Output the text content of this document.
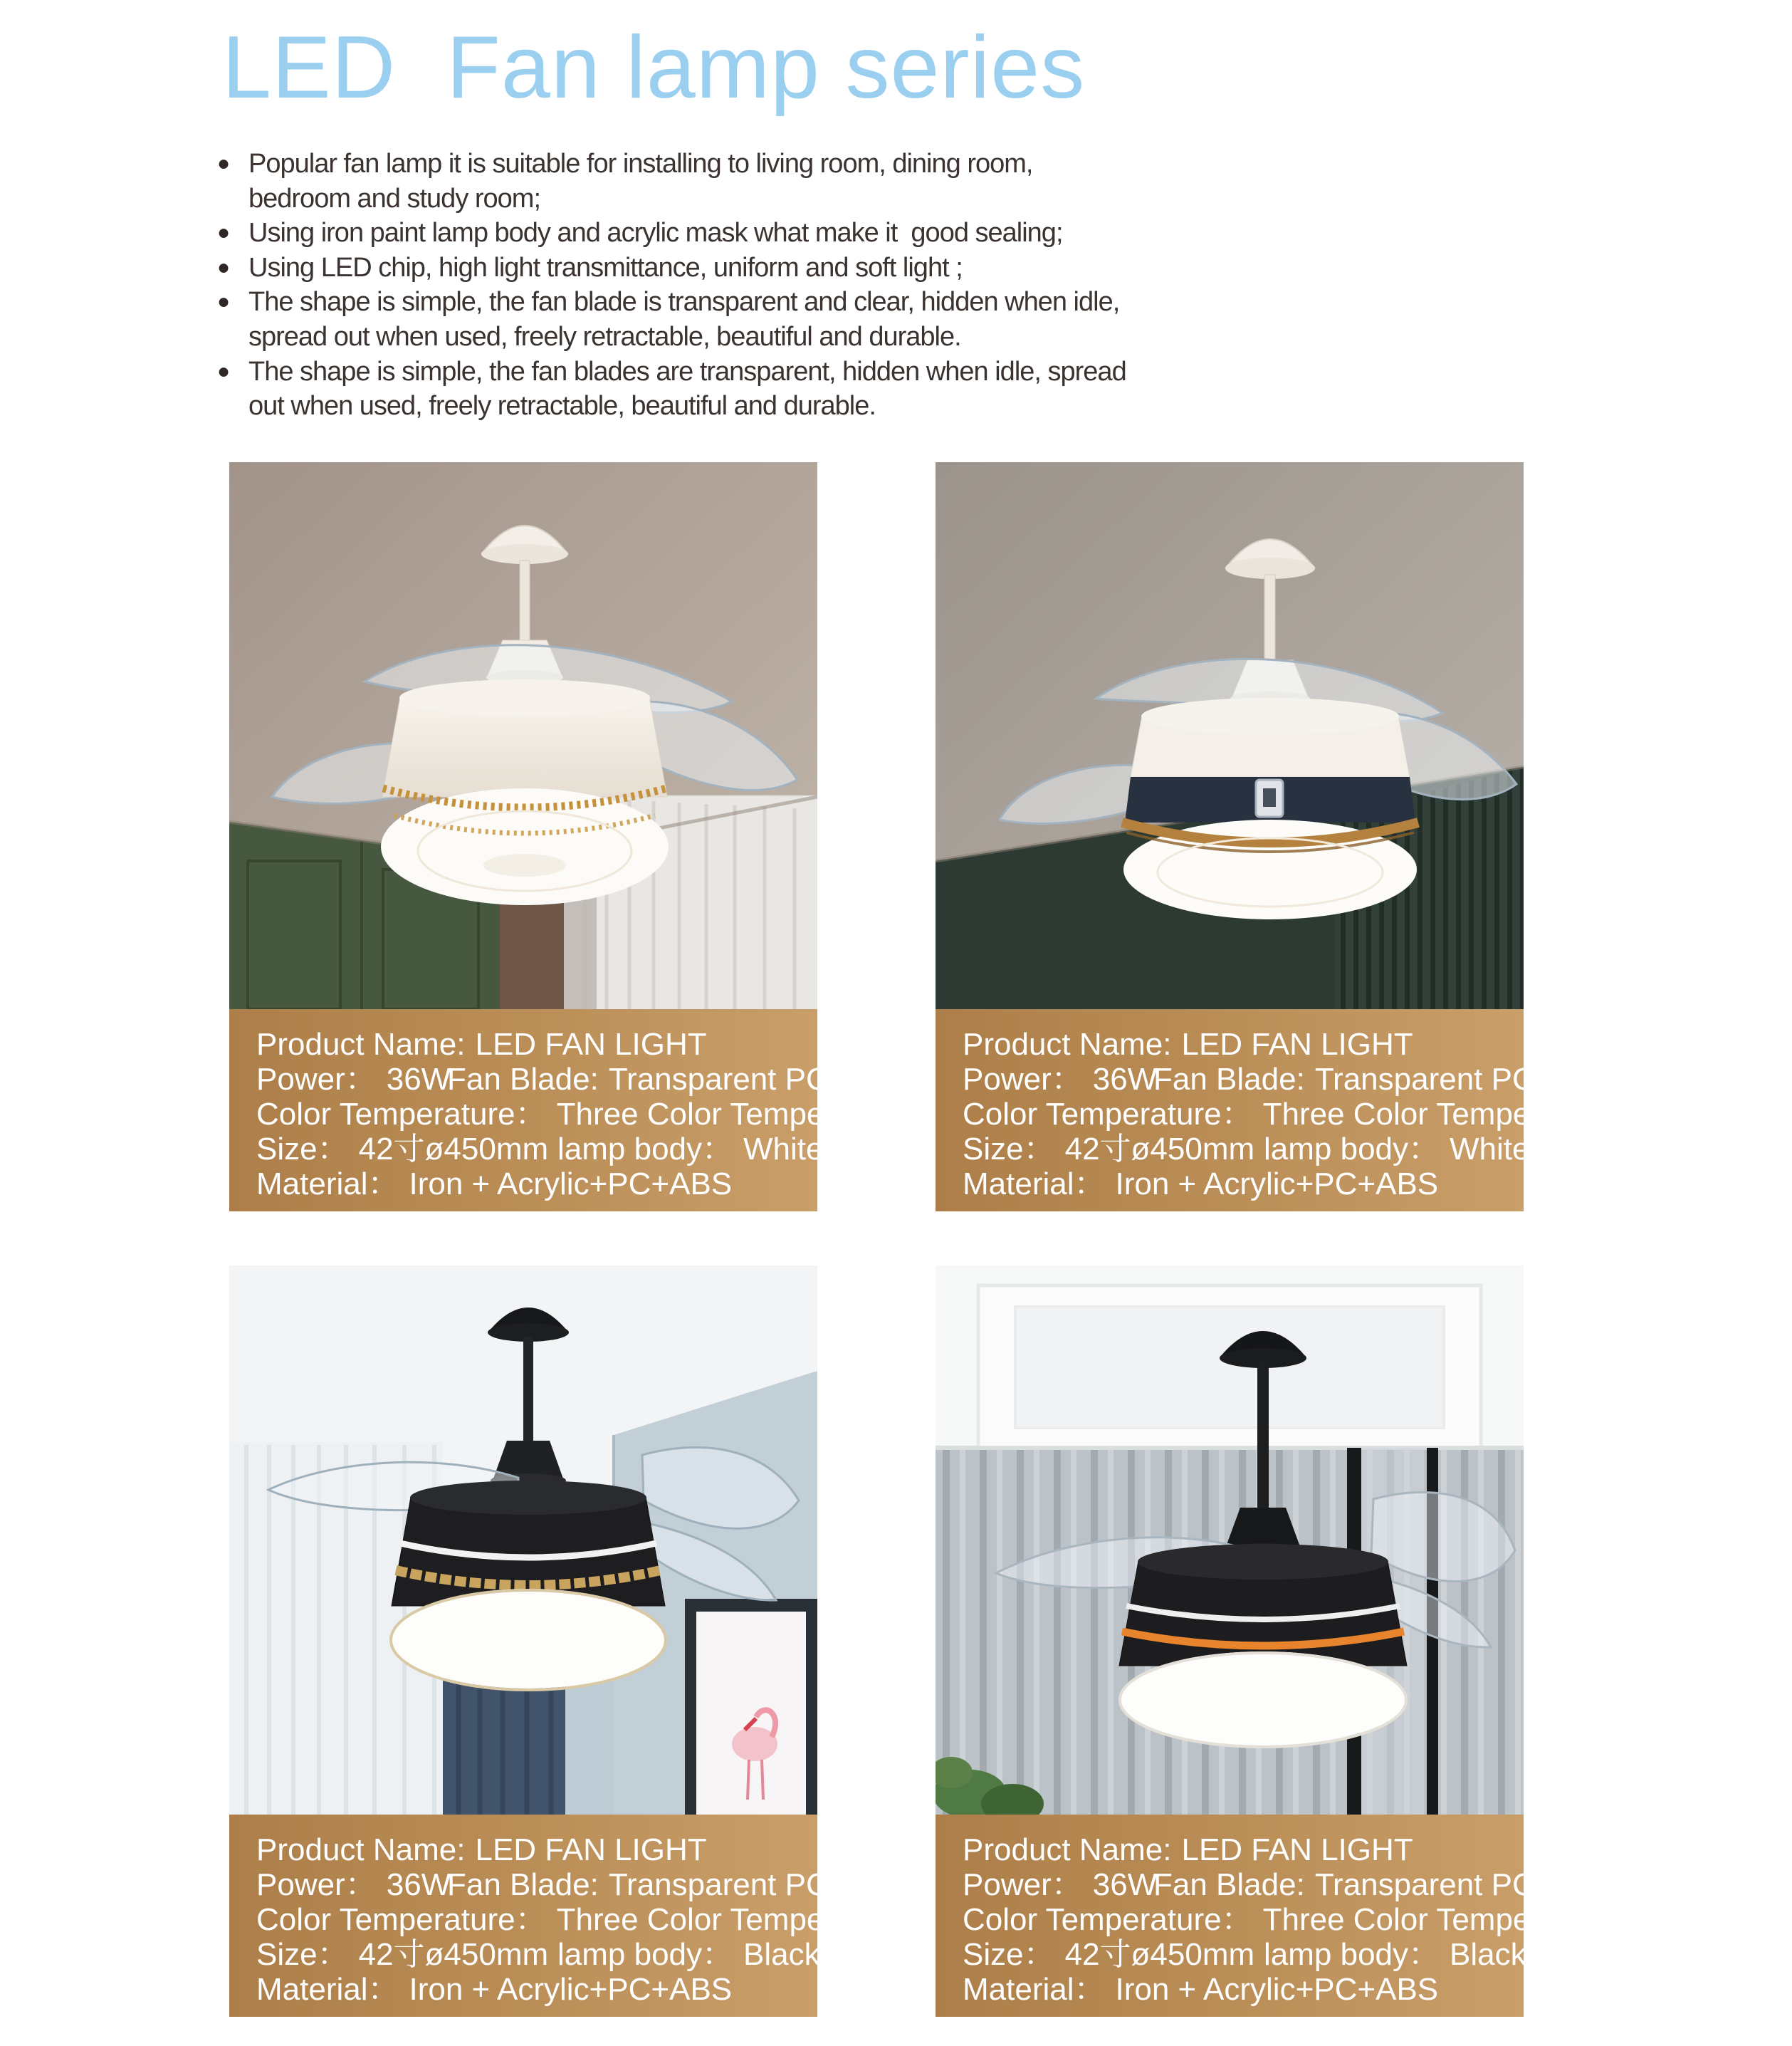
LED  Fan lamp series
● Popular fan lamp it is suitable for installing to living room, dining room,
bedroom and study room;
● Using iron paint lamp body and acrylic mask what make it  good sealing;
● Using LED chip, high light transmittance, uniform and soft light ;
● The shape is simple, the fan blade is transparent and clear, hidden when idle,
spread out when used, freely retractable, beautiful and durable.
● The shape is simple, the fan blades are transparent, hidden when idle, spread
out when used, freely retractable, beautiful and durable.
Product Name: LED FAN LIGHT
Power： 36W
Fan Blade: Transparent PC *4
Color Temperature： Three Color Temperature
Size： 42寸ø450mm lamp body： White
Material： Iron + Acrylic+PC+ABS
Product Name: LED FAN LIGHT
Power： 36W
Fan Blade: Transparent PC *4
Color Temperature： Three Color Temperature
Size： 42寸ø450mm lamp body： White
Material： Iron + Acrylic+PC+ABS
Product Name: LED FAN LIGHT
Power： 36W
Fan Blade: Transparent PC *4
Color Temperature： Three Color Temperature
Size： 42寸ø450mm lamp body： Black
Material： Iron + Acrylic+PC+ABS
Product Name: LED FAN LIGHT
Power： 36W
Fan Blade: Transparent PC *4
Color Temperature： Three Color Temperature
Size： 42寸ø450mm lamp body： Black
Material： Iron + Acrylic+PC+ABS
